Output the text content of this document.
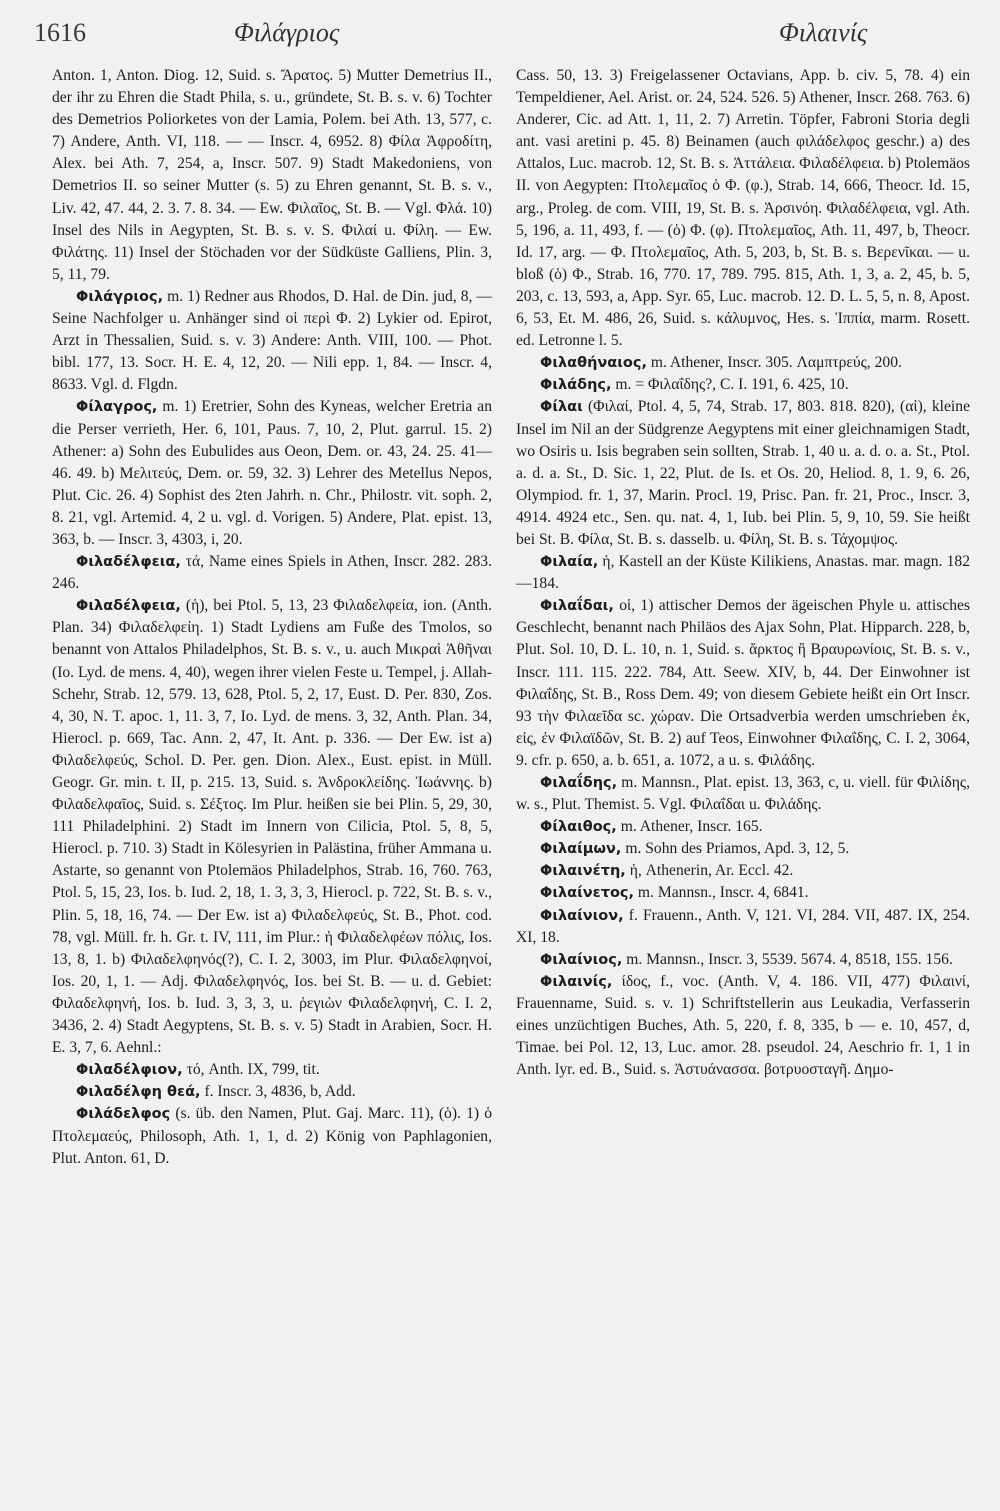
1616	Φιλάγριος	Φιλαινίς

Anton. 1, Anton. Diog. 12, Suid. s. Ἄρατος. 5) Mutter Demetrius II., der ihr zu Ehren die Stadt Phila, s. u., gründete, St. B. s. v. 6) Tochter des Demetrios Poliorketes von der Lamia, Polem. bei Ath. 13, 577, c. 7) Andere, Anth. VI, 118. — — Inscr. 4, 6952. 8) Φίλα Ἀφροδίτη, Alex. bei Ath. 7, 254, a, Inscr. 507. 9) Stadt Makedoniens, von Demetrios II. so seiner Mutter (s. 5) zu Ehren genannt, St. B. s. v., Liv. 42, 47. 44, 2. 3. 7. 8. 34. — Ew. Φιλαῖος, St. B. — Vgl. Φλά. 10) Insel des Nils in Aegypten, St. B. s. v. S. Φιλαί u. Φίλη. — Ew. Φιλάτης. 11) Insel der Stöchaden vor der Südküste Galliens, Plin. 3, 5, 11, 79.

Φιλάγριος, m. 1) Redner aus Rhodos, D. Hal. de Din. jud, 8, — Seine Nachfolger u. Anhänger sind οἱ περὶ Φ. 2) Lykier od. Epirot, Arzt in Thessalien, Suid. s. v. 3) Andere: Anth. VIII, 100. — Phot. bibl. 177, 13. Socr. H. E. 4, 12, 20. — Nili epp. 1, 84. — Inscr. 4, 8633. Vgl. d. Flgdn.

Φίλαγρος, m. 1) Eretrier, Sohn des Kyneas, welcher Eretria an die Perser verrieth, Her. 6, 101, Paus. 7, 10, 2, Plut. garrul. 15. 2) Athener: a) Sohn des Eubulides aus Oeon, Dem. or. 43, 24. 25. 41—46. 49. b) Μελιτεύς, Dem. or. 59, 32. 3) Lehrer des Metellus Nepos, Plut. Cic. 26. 4) Sophist des 2ten Jahrh. n. Chr., Philostr. vit. soph. 2, 8. 21, vgl. Artemid. 4, 2 u. vgl. d. Vorigen. 5) Andere, Plat. epist. 13, 363, b. — Inscr. 3, 4303, i, 20.

Φιλαδέλφεια, τά, Name eines Spiels in Athen, Inscr. 282. 283. 246.

Φιλαδέλφεια, (ἡ), bei Ptol. 5, 13, 23 Φιλαδελφεία, ion. (Anth. Plan. 34) Φιλαδελφείη. 1) Stadt Lydiens am Fuße des Tmolos, so benannt von Attalos Philadelphos, St. B. s. v., u. auch Μικραὶ Ἀθῆναι (Io. Lyd. de mens. 4, 40), wegen ihrer vielen Feste u. Tempel, j. Allah-Schehr, Strab. 12, 579. 13, 628, Ptol. 5, 2, 17, Eust. D. Per. 830, Zos. 4, 30, N. T. apoc. 1, 11. 3, 7, Io. Lyd. de mens. 3, 32, Anth. Plan. 34, Hierocl. p. 669, Tac. Ann. 2, 47, It. Ant. p. 336. — Der Ew. ist a) Φιλαδελφεύς, Schol. D. Per. gen. Dion. Alex., Eust. epist. in Müll. Geogr. Gr. min. t. II, p. 215. 13, Suid. s. Ἀνδροκλείδης. Ἰωάννης. b) Φιλαδελφαῖος, Suid. s. Σέξτος. Im Plur. heißen sie bei Plin. 5, 29, 30, 111 Philadelphini. 2) Stadt im Innern von Cilicia, Ptol. 5, 8, 5, Hierocl. p. 710. 3) Stadt in Kölesyrien in Palästina, früher Ammana u. Astarte, so genannt von Ptolemäos Philadelphos, Strab. 16, 760. 763, Ptol. 5, 15, 23, Ios. b. Iud. 2, 18, 1. 3, 3, 3, Hierocl. p. 722, St. B. s. v., Plin. 5, 18, 16, 74. — Der Ew. ist a) Φιλαδελφεύς, St. B., Phot. cod. 78, vgl. Müll. fr. h. Gr. t. IV, 111, im Plur.: ἡ Φιλαδελφέων πόλις, Ios. 13, 8, 1. b) Φιλαδελφηνός(?), C. I. 2, 3003, im Plur. Φιλαδελφηνοί, Ios. 20, 1, 1. — Adj. Φιλαδελφηνός, Ios. bei St. B. — u. d. Gebiet: Φιλαδελφηνή, Ios. b. Iud. 3, 3, 3, u. ῥεγιὼν Φιλαδελφηνή, C. I. 2, 3436, 2. 4) Stadt Aegyptens, St. B. s. v. 5) Stadt in Arabien, Socr. H. E. 3, 7, 6. Aehnl.:

Φιλαδέλφιον, τό, Anth. IX, 799, tit.

Φιλαδέλφη θεά, f. Inscr. 3, 4836, b, Add.

Φιλάδελφος (s. üb. den Namen, Plut. Gaj. Marc. 11), (ὁ). 1) ὁ Πτολεμαεύς, Philosoph, Ath. 1, 1, d. 2) König von Paphlagonien, Plut. Anton. 61, D.

Cass. 50, 13. 3) Freigelassener Octavians, App. b. civ. 5, 78. 4) ein Tempeldiener, Ael. Arist. or. 24, 524. 526. 5) Athener, Inscr. 268. 763. 6) Anderer, Cic. ad Att. 1, 11, 2. 7) Arretin. Töpfer, Fabroni Storia degli ant. vasi aretini p. 45. 8) Beinamen (auch φιλάδελφος geschr.) a) des Attalos, Luc. macrob. 12, St. B. s. Ἀττάλεια. Φιλαδέλφεια. b) Ptolemäos II. von Aegypten: Πτολεμαῖος ὁ Φ. (φ.), Strab. 14, 666, Theocr. Id. 15, arg., Proleg. de com. VIII, 19, St. B. s. Ἀρσινόη. Φιλαδέλφεια, vgl. Ath. 5, 196, a. 11, 493, f. — (ὁ) Φ. (φ). Πτολεμαῖος, Ath. 11, 497, b, Theocr. Id. 17, arg. — Φ. Πτολεμαῖος, Ath. 5, 203, b, St. B. s. Βερενῖκαι. — u. bloß (ὁ) Φ., Strab. 16, 770. 17, 789. 795. 815, Ath. 1, 3, a. 2, 45, b. 5, 203, c. 13, 593, a, App. Syr. 65, Luc. macrob. 12. D. L. 5, 5, n. 8, Apost. 6, 53, Et. M. 486, 26, Suid. s. κάλυμνος, Hes. s. Ἱππία, marm. Rosett. ed. Letronne l. 5.

Φιλαθήναιος, m. Athener, Inscr. 305. Λαμπτρεύς, 200.

Φιλάδης, m. = Φιλαΐδης?, C. I. 191, 6. 425, 10.

Φίλαι (Φιλαί, Ptol. 4, 5, 74, Strab. 17, 803. 818. 820), (αἱ), kleine Insel im Nil an der Südgrenze Aegyptens mit einer gleichnamigen Stadt, wo Osiris u. Isis begraben sein sollten, Strab. 1, 40 u. a. d. o. a. St., Ptol. a. d. a. St., D. Sic. 1, 22, Plut. de Is. et Os. 20, Heliod. 8, 1. 9, 6. 26, Olympiod. fr. 1, 37, Marin. Procl. 19, Prisc. Pan. fr. 21, Proc., Inscr. 3, 4914. 4924 etc., Sen. qu. nat. 4, 1, Iub. bei Plin. 5, 9, 10, 59. Sie heißt bei St. B. Φίλα, St. B. s. dasselb. u. Φίλη, St. B. s. Τάχομψος.

Φιλαία, ἡ, Kastell an der Küste Kilikiens, Anastas. mar. magn. 182—184.

Φιλαΐδαι, οἱ, 1) attischer Demos der ägeischen Phyle u. attisches Geschlecht, benannt nach Philäos des Ajax Sohn, Plat. Hipparch. 228, b, Plut. Sol. 10, D. L. 10, n. 1, Suid. s. ἄρκτος ἢ Βραυρωνίοις, St. B. s. v., Inscr. 111. 115. 222. 784, Att. Seew. XIV, b, 44. Der Einwohner ist Φιλαΐδης, St. B., Ross Dem. 49; von diesem Gebiete heißt ein Ort Inscr. 93 τὴν Φιλαεῖδα sc. χώραν. Die Ortsadverbia werden umschrieben ἐκ, εἰς, ἐν Φιλαϊδῶν, St. B. 2) auf Teos, Einwohner Φιλαΐδης, C. I. 2, 3064, 9. cfr. p. 650, a. b. 651, a. 1072, a u. s. Φιλάδης.

Φιλαΐδης, m. Mannsn., Plat. epist. 13, 363, c, u. viell. für Φιλίδης, w. s., Plut. Themist. 5. Vgl. Φιλαΐδαι u. Φιλάδης.

Φίλαιθος, m. Athener, Inscr. 165.

Φιλαίμων, m. Sohn des Priamos, Apd. 3, 12, 5.

Φιλαινέτη, ἡ, Athenerin, Ar. Eccl. 42.

Φιλαίνετος, m. Mannsn., Inscr. 4, 6841.

Φιλαίνιον, f. Frauenn., Anth. V, 121. VI, 284. VII, 487. IX, 254. XI, 18.

Φιλαίνιος, m. Mannsn., Inscr. 3, 5539. 5674. 4, 8518, 155. 156.

Φιλαινίς, ίδος, f., voc. (Anth. V, 4. 186. VII, 477) Φιλαινί, Frauenname, Suid. s. v. 1) Schriftstellerin aus Leukadia, Verfasserin eines unzüchtigen Buches, Ath. 5, 220, f. 8, 335, b — e. 10, 457, d, Timae. bei Pol. 12, 13, Luc. amor. 28. pseudol. 24, Aeschrio fr. 1, 1 in Anth. lyr. ed. B., Suid. s. Ἀστυάνασσα. βοτρυοσταγῆ. Δημο-
